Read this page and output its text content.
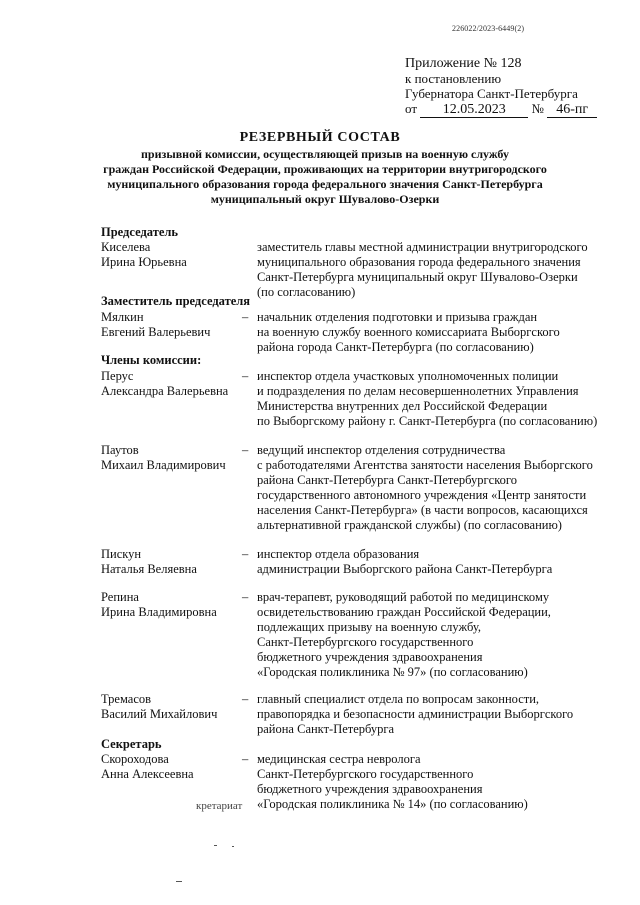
226022/2023-6449(2)
Приложение № 128
к постановлению
Губернатора Санкт-Петербурга
от 12.05.2023 № 46-пг
РЕЗЕРВНЫЙ СОСТАВ
призывной комиссии, осуществляющей призыв на военную службу
граждан Российской Федерации, проживающих на территории внутригородского
муниципального образования города федерального значения Санкт-Петербурга
муниципальный округ Шувалово-Озерки
Председатель
Киселева
Ирина Юрьевна
заместитель главы местной администрации внутригородского
муниципального образования города федерального значения
Санкт-Петербурга муниципальный округ Шувалово-Озерки
(по согласованию)
Заместитель председателя
Мялкин
Евгений Валерьевич
– начальник отделения подготовки и призыва граждан
на военную службу военного комиссариата Выборгского
района города Санкт-Петербурга (по согласованию)
Члены комиссии:
Перус
Александра Валерьевна
– инспектор отдела участковых уполномоченных полиции
и подразделения по делам несовершеннолетних Управления
Министерства внутренних дел Российской Федерации
по Выборгскому району г. Санкт-Петербурга (по согласованию)
Паутов
Михаил Владимирович
– ведущий инспектор отделения сотрудничества
с работодателями Агентства занятости населения Выборгского
района Санкт-Петербурга Санкт-Петербургского
государственного автономного учреждения «Центр занятости
населения Санкт-Петербурга» (в части вопросов, касающихся
альтернативной гражданской службы) (по согласованию)
Пискун
Наталья Веляевна
– инспектор отдела образования
администрации Выборгского района Санкт-Петербурга
Репина
Ирина Владимировна
– врач-терапевт, руководящий работой по медицинскому
освидетельствованию граждан Российской Федерации,
подлежащих призыву на военную службу,
Санкт-Петербургского государственного
бюджетного учреждения здравоохранения
«Городская поликлиника № 97» (по согласованию)
Тремасов
Василий Михайлович
– главный специалист отдела по вопросам законности,
правопорядка и безопасности администрации Выборгского
района Санкт-Петербурга
Секретарь
Скороходова
Анна Алексеевна
– медицинская сестра невролога
Санкт-Петербургского государственного
бюджетного учреждения здравоохранения
«Городская поликлиника № 14» (по согласованию)
кретариат
